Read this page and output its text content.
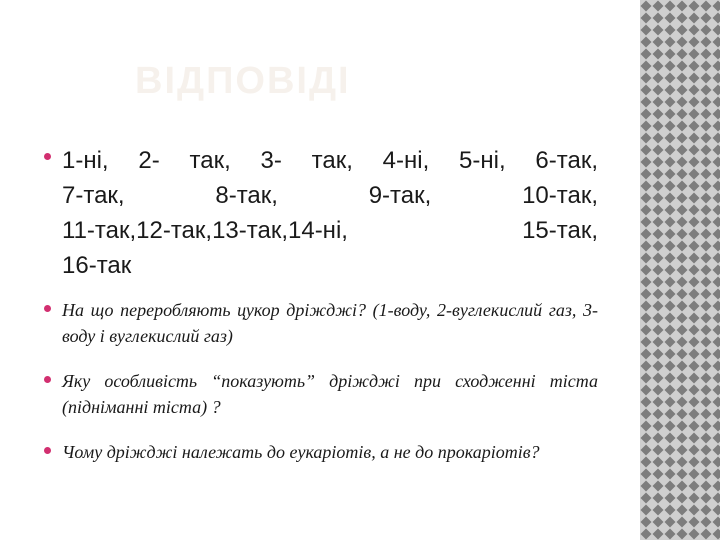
ВІДПОВІДІ
1-ні, 2- так, 3- так, 4-ні, 5-ні, 6-так,
7-так, 8-так, 9-так, 10-так,
11-так,12-так,13-так,14-ні, 15-так,
16-так
На що переробляють цукор дріжджі? (1-воду, 2-вуглекислий газ, 3-воду і вуглекислий газ)
Яку особливість “показують” дріжджі при сходженні тіста (підніманні тіста) ?
Чому дріжджі належать до еукаріотів, а не до прокаріотів?
